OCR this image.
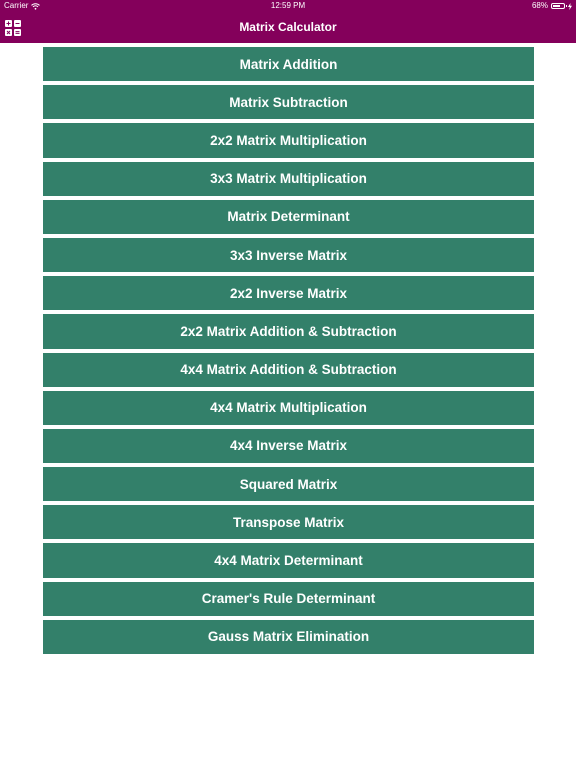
Carrier	12:59 PM	68%
Matrix Calculator
Matrix Addition
Matrix Subtraction
2x2 Matrix Multiplication
3x3 Matrix Multiplication
Matrix Determinant
3x3 Inverse Matrix
2x2 Inverse Matrix
2x2 Matrix Addition & Subtraction
4x4 Matrix Addition & Subtraction
4x4 Matrix Multiplication
4x4 Inverse Matrix
Squared Matrix
Transpose Matrix
4x4 Matrix Determinant
Cramer's Rule Determinant
Gauss Matrix Elimination
